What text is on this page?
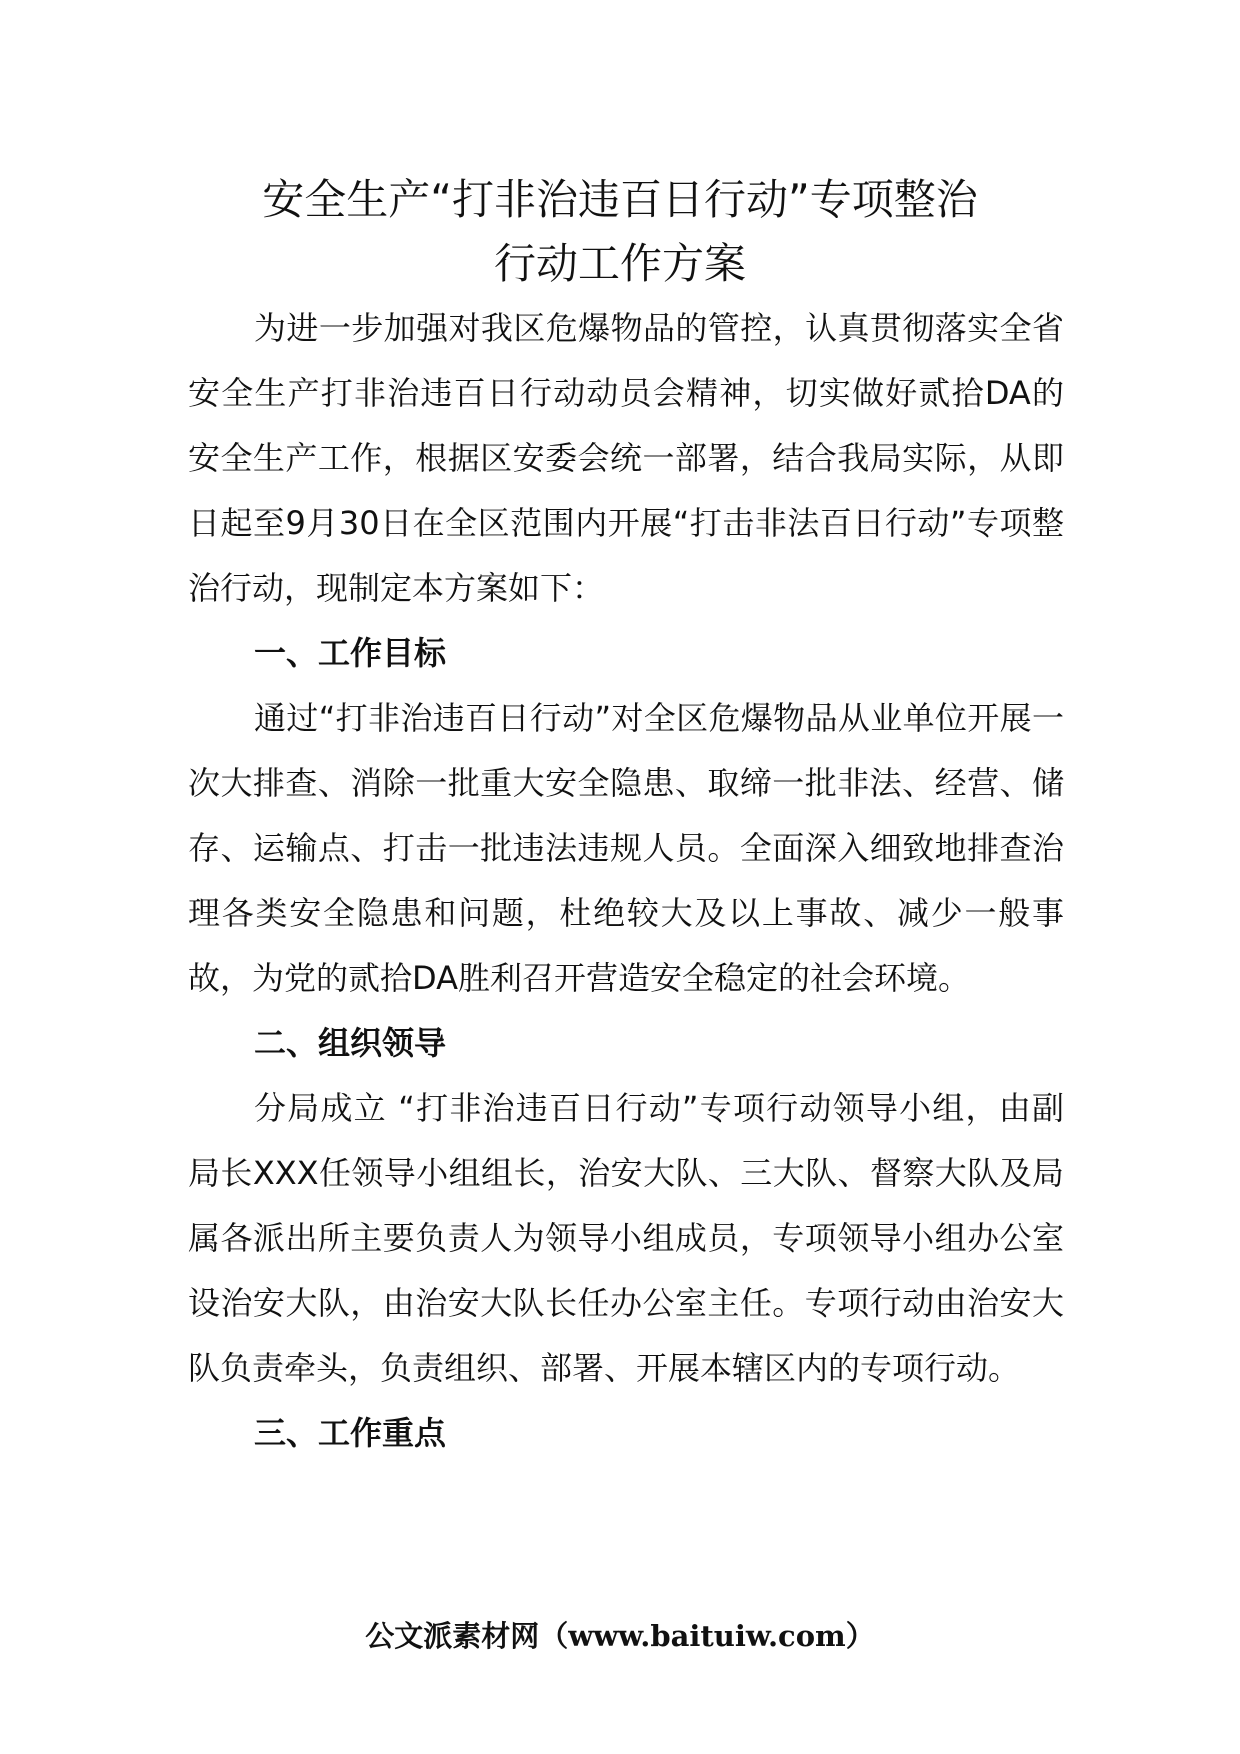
安全生产“打非治违百日行动”专项整治
行动工作方案

为进一步加强对我区危爆物品的管控，认真贯彻落实全省安全生产打非治违百日行动动员会精神，切实做好贰拾DA的安全生产工作，根据区安委会统一部署，结合我局实际，从即日起至9月30日在全区范围内开展“打击非法百日行动”专项整治行动，现制定本方案如下：

一、工作目标

通过“打非治违百日行动”对全区危爆物品从业单位开展一次大排查、消除一批重大安全隐患、取缔一批非法、经营、储存、运输点、打击一批违法违规人员。全面深入细致地排查治理各类安全隐患和问题，杜绝较大及以上事故、减少一般事故，为党的贰拾DA胜利召开营造安全稳定的社会环境。

二、组织领导

分局成立 “打非治违百日行动”专项行动领导小组，由副局长XXX任领导小组组长，治安大队、三大队、督察大队及局属各派出所主要负责人为领导小组成员，专项领导小组办公室设治安大队，由治安大队长任办公室主任。专项行动由治安大队负责牵头，负责组织、部署、开展本辖区内的专项行动。

三、工作重点

公文派素材网（www.baituiw.com）
